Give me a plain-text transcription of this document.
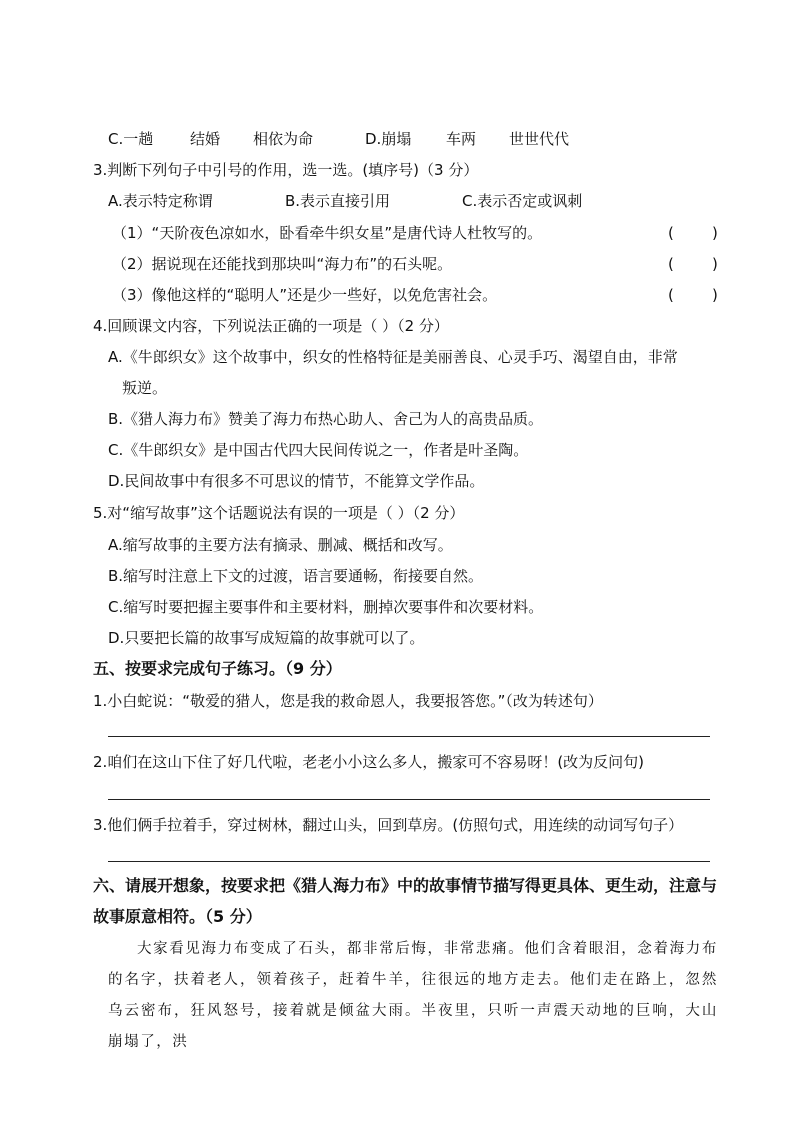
C.一趟 结婚 相依为命	D.崩塌 车两 世世代代
3.判断下列句子中引号的作用，选一选。(填序号)（3 分）
A.表示特定称谓	B.表示直接引用	C.表示否定或讽刺
（1）“天阶夜色凉如水，卧看牵牛织女星”是唐代诗人杜牧写的。	(        )
（2）据说现在还能找到那块叫“海力布”的石头呢。	(        )
（3）像他这样的“聪明人”还是少一些好，以免危害社会。	(        )
4.回顾课文内容，下列说法正确的一项是（ ）（2 分）
A.《牛郎织女》这个故事中，织女的性格特征是美丽善良、心灵手巧、渴望自由，非常
叛逆。
B.《猎人海力布》赞美了海力布热心助人、舍己为人的高贵品质。
C.《牛郎织女》是中国古代四大民间传说之一，作者是叶圣陶。
D.民间故事中有很多不可思议的情节，不能算文学作品。
5.对“缩写故事”这个话题说法有误的一项是（ ）（2 分）
A.缩写故事的主要方法有摘录、删减、概括和改写。
B.缩写时注意上下文的过渡，语言要通畅，衔接要自然。
C.缩写时要把握主要事件和主要材料，删掉次要事件和次要材料。
D.只要把长篇的故事写成短篇的故事就可以了。
五、按要求完成句子练习。（9 分）
1.小白蛇说：“敬爱的猎人，您是我的救命恩人，我要报答您。”（改为转述句）
2.咱们在这山下住了好几代啦，老老小小这么多人，搬家可不容易呀！(改为反问句)
3.他们俩手拉着手，穿过树林，翻过山头，回到草房。(仿照句式，用连续的动词写句子）
六、请展开想象，按要求把《猎人海力布》中的故事情节描写得更具体、更生动，注意与
故事原意相符。（5 分）
大家看见海力布变成了石头，都非常后悔，非常悲痛。他们含着眼泪，念着海力布的名字，扶着老人，领着孩子，赶着牛羊，往很远的地方走去。他们走在路上，忽然乌云密布，狂风怒号，接着就是倾盆大雨。半夜里，只听一声震天动地的巨响，大山崩塌了，洪
